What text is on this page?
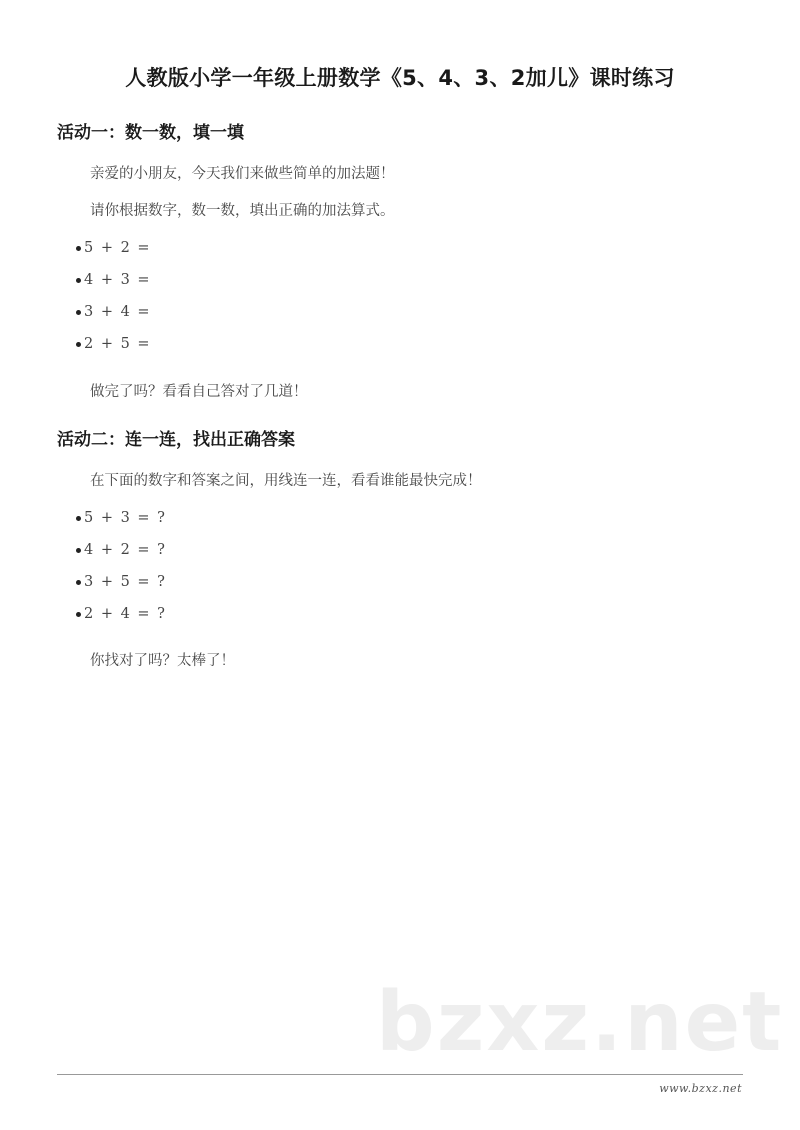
人教版小学一年级上册数学《5、4、3、2加儿》课时练习
活动一：数一数，填一填

亲爱的小朋友，今天我们来做些简单的加法题！

请你根据数字，数一数，填出正确的加法算式。

5 + 2 =
4 + 3 =
3 + 4 =
2 + 5 =

做完了吗？看看自己答对了几道！

活动二：连一连，找出正确答案

在下面的数字和答案之间，用线连一连，看看谁能最快完成！

5 + 3 = ?
4 + 2 = ?
3 + 5 = ?
2 + 4 = ?

你找对了吗？太棒了！

bzxz.net
www.bzxz.net
